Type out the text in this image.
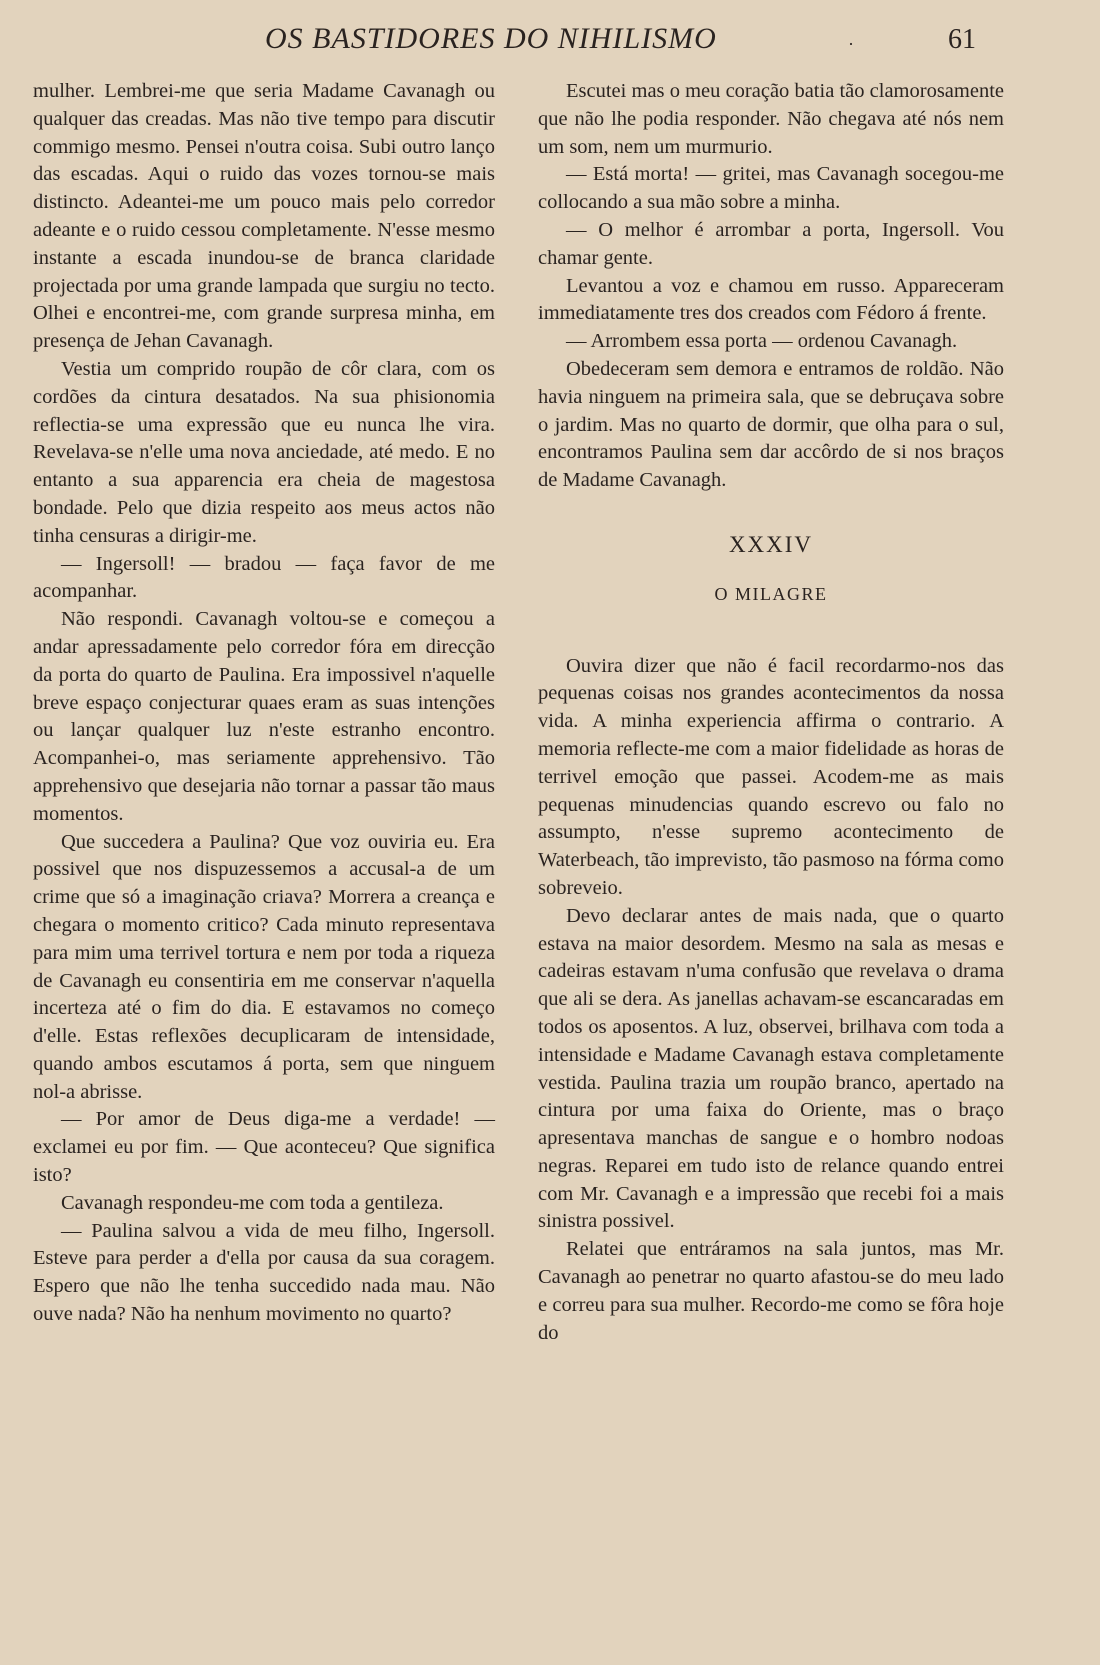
OS BASTIDORES DO NIHILISMO	·	61

mulher. Lembrei-me que seria Madame Cavanagh ou qualquer das creadas. Mas não tive tempo para discutir commigo mesmo. Pensei n'outra coisa. Subi outro lanço das escadas. Aqui o ruido das vozes tornou-se mais distincto. Adeantei-me um pouco mais pelo corredor adeante e o ruido cessou completamente. N'esse mesmo instante a escada inundou-se de branca claridade projectada por uma grande lampada que surgiu no tecto. Olhei e encontrei-me, com grande surpresa minha, em presença de Jehan Cavanagh.

Vestia um comprido roupão de côr clara, com os cordões da cintura desatados. Na sua phisionomia reflectia-se uma expressão que eu nunca lhe vira. Revelava-se n'elle uma nova anciedade, até medo. E no entanto a sua apparencia era cheia de magestosa bondade. Pelo que dizia respeito aos meus actos não tinha censuras a dirigir-me.

— Ingersoll! — bradou — faça favor de me acompanhar.

Não respondi. Cavanagh voltou-se e começou a andar apressadamente pelo corredor fóra em direcção da porta do quarto de Paulina. Era impossivel n'aquelle breve espaço conjecturar quaes eram as suas intenções ou lançar qualquer luz n'este estranho encontro. Acompanhei-o, mas seriamente apprehensivo. Tão apprehensivo que desejaria não tornar a passar tão maus momentos.

Que succedera a Paulina? Que voz ouviria eu. Era possivel que nos dispuzessemos a accusal-a de um crime que só a imaginação criava? Morrera a creança e chegara o momento critico? Cada minuto representava para mim uma terrivel tortura e nem por toda a riqueza de Cavanagh eu consentiria em me conservar n'aquella incerteza até o fim do dia. E estavamos no começo d'elle. Estas reflexões decuplicaram de intensidade, quando ambos escutamos á porta, sem que ninguem nol-a abrisse.

— Por amor de Deus diga-me a verdade! — exclamei eu por fim. — Que aconteceu? Que significa isto?

Cavanagh respondeu-me com toda a gentileza.

— Paulina salvou a vida de meu filho, Ingersoll. Esteve para perder a d'ella por causa da sua coragem. Espero que não lhe tenha succedido nada mau. Não ouve nada? Não ha nenhum movimento no quarto?

Escutei mas o meu coração batia tão clamorosamente que não lhe podia responder. Não chegava até nós nem um som, nem um murmurio.

— Está morta! — gritei, mas Cavanagh socegou-me collocando a sua mão sobre a minha.

— O melhor é arrombar a porta, Ingersoll. Vou chamar gente.

Levantou a voz e chamou em russo. Appareceram immediatamente tres dos creados com Fédoro á frente.

— Arrombem essa porta — ordenou Cavanagh.

Obedeceram sem demora e entramos de roldão. Não havia ninguem na primeira sala, que se debruçava sobre o jardim. Mas no quarto de dormir, que olha para o sul, encontramos Paulina sem dar accôrdo de si nos braços de Madame Cavanagh.

XXXIV
O MILAGRE

Ouvira dizer que não é facil recordarmo-nos das pequenas coisas nos grandes acontecimentos da nossa vida. A minha experiencia affirma o contrario. A memoria reflecte-me com a maior fidelidade as horas de terrivel emoção que passei. Acodem-me as mais pequenas minudencias quando escrevo ou falo no assumpto, n'esse supremo acontecimento de Waterbeach, tão imprevisto, tão pasmoso na fórma como sobreveio.

Devo declarar antes de mais nada, que o quarto estava na maior desordem. Mesmo na sala as mesas e cadeiras estavam n'uma confusão que revelava o drama que ali se dera. As janellas achavam-se escancaradas em todos os aposentos. A luz, observei, brilhava com toda a intensidade e Madame Cavanagh estava completamente vestida. Paulina trazia um roupão branco, apertado na cintura por uma faixa do Oriente, mas o braço apresentava manchas de sangue e o hombro nodoas negras. Reparei em tudo isto de relance quando entrei com Mr. Cavanagh e a impressão que recebi foi a mais sinistra possivel.

Relatei que entráramos na sala juntos, mas Mr. Cavanagh ao penetrar no quarto afastou-se do meu lado e correu para sua mulher. Recordo-me como se fôra hoje do
